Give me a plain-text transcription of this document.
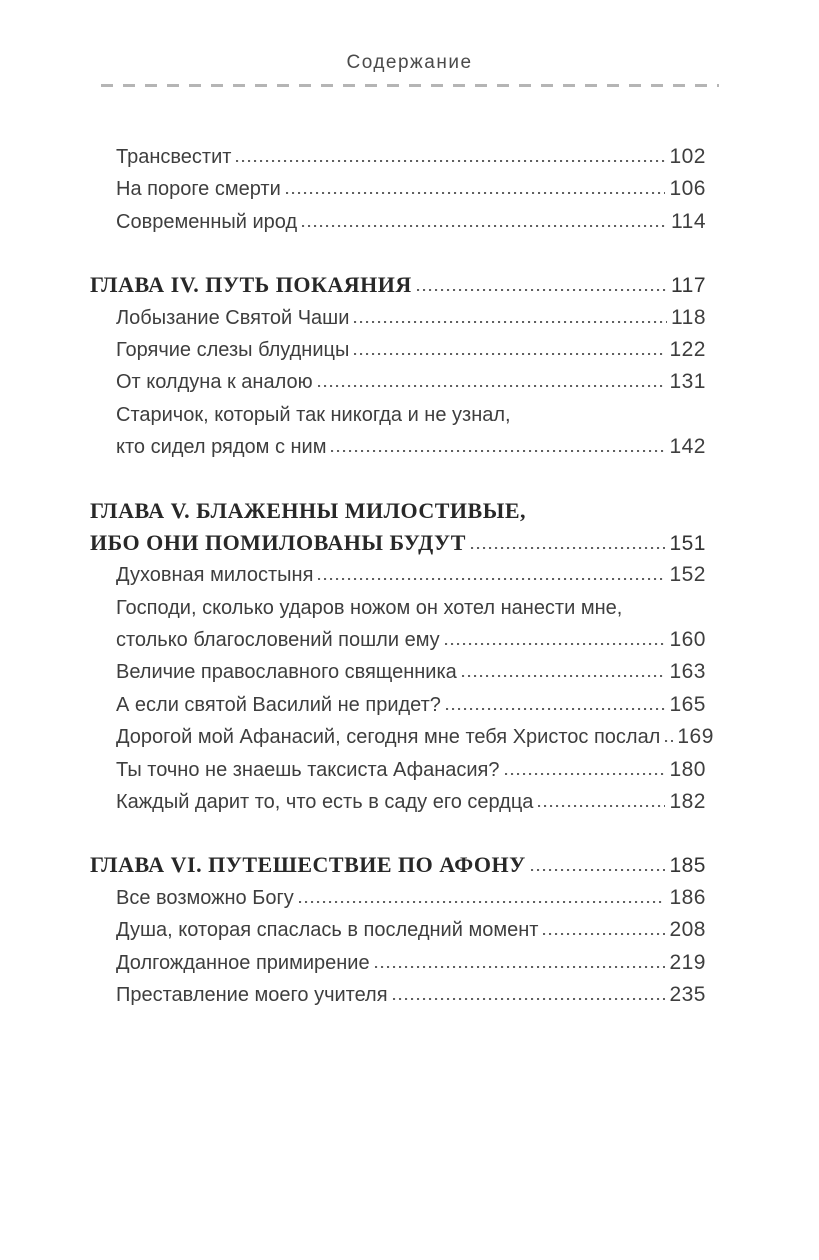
Содержание
Трансвестит	102
На пороге смерти	106
Современный ирод	114
ГЛАВА IV. ПУТЬ ПОКАЯНИЯ	117
Лобызание Святой Чаши	118
Горячие слезы блудницы	122
От колдуна к аналою	131
Старичок, который так никогда и не узнал,
кто сидел рядом с ним	142
ГЛАВА V. БЛАЖЕННЫ МИЛОСТИВЫЕ,
ИБО ОНИ ПОМИЛОВАНЫ БУДУТ	151
Духовная милостыня	152
Господи, сколько ударов ножом он хотел нанести мне,
столько благословений пошли ему	160
Величие православного священника	163
А если святой Василий не придет?	165
Дорогой мой Афанасий, сегодня мне тебя Христос послал 169
Ты точно не знаешь таксиста Афанасия?	180
Каждый дарит то, что есть в саду его сердца	182
ГЛАВА VI. ПУТЕШЕСТВИЕ ПО АФОНУ	185
Все возможно Богу	186
Душа, которая спаслась в последний момент	208
Долгожданное примирение	219
Преставление моего учителя	235
